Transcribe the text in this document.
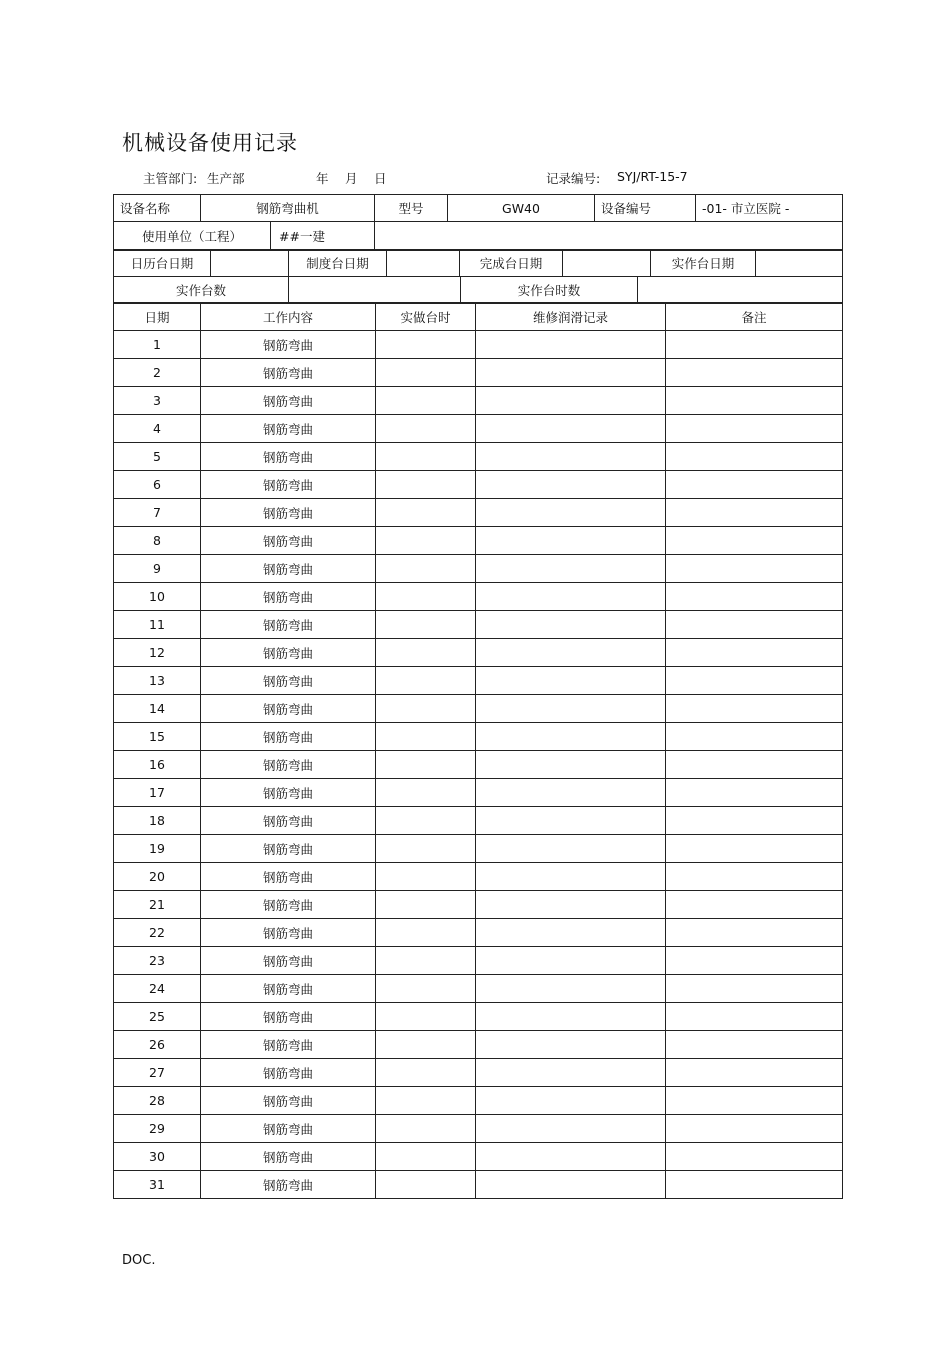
机械设备使用记录
主管部门: 生产部	年 月 日	记录编号: SYJ/RT-15-7
设备名称	钢筋弯曲机	型号	GW40	设备编号	-01- 市立医院 -

使用单位（工程） ##一建					

日历台日期		制度台日期		完成台日期		实作台日期	
实作台数		实作台时数	
日期	工作内容	实做台时	维修润滑记录	备注
1	钢筋弯曲			
2	钢筋弯曲			
3	钢筋弯曲			
4	钢筋弯曲			
5	钢筋弯曲			
6	钢筋弯曲			
7	钢筋弯曲			
8	钢筋弯曲			
9	钢筋弯曲			
10	钢筋弯曲			
11	钢筋弯曲			
12	钢筋弯曲			
13	钢筋弯曲			
14	钢筋弯曲			
15	钢筋弯曲			
16	钢筋弯曲			
17	钢筋弯曲			
18	钢筋弯曲			
19	钢筋弯曲			
20	钢筋弯曲			
21	钢筋弯曲			
22	钢筋弯曲			
23	钢筋弯曲			
24	钢筋弯曲			
25	钢筋弯曲			
26	钢筋弯曲			
27	钢筋弯曲			
28	钢筋弯曲			
29	钢筋弯曲			
30	钢筋弯曲			
31	钢筋弯曲			
DOC.
